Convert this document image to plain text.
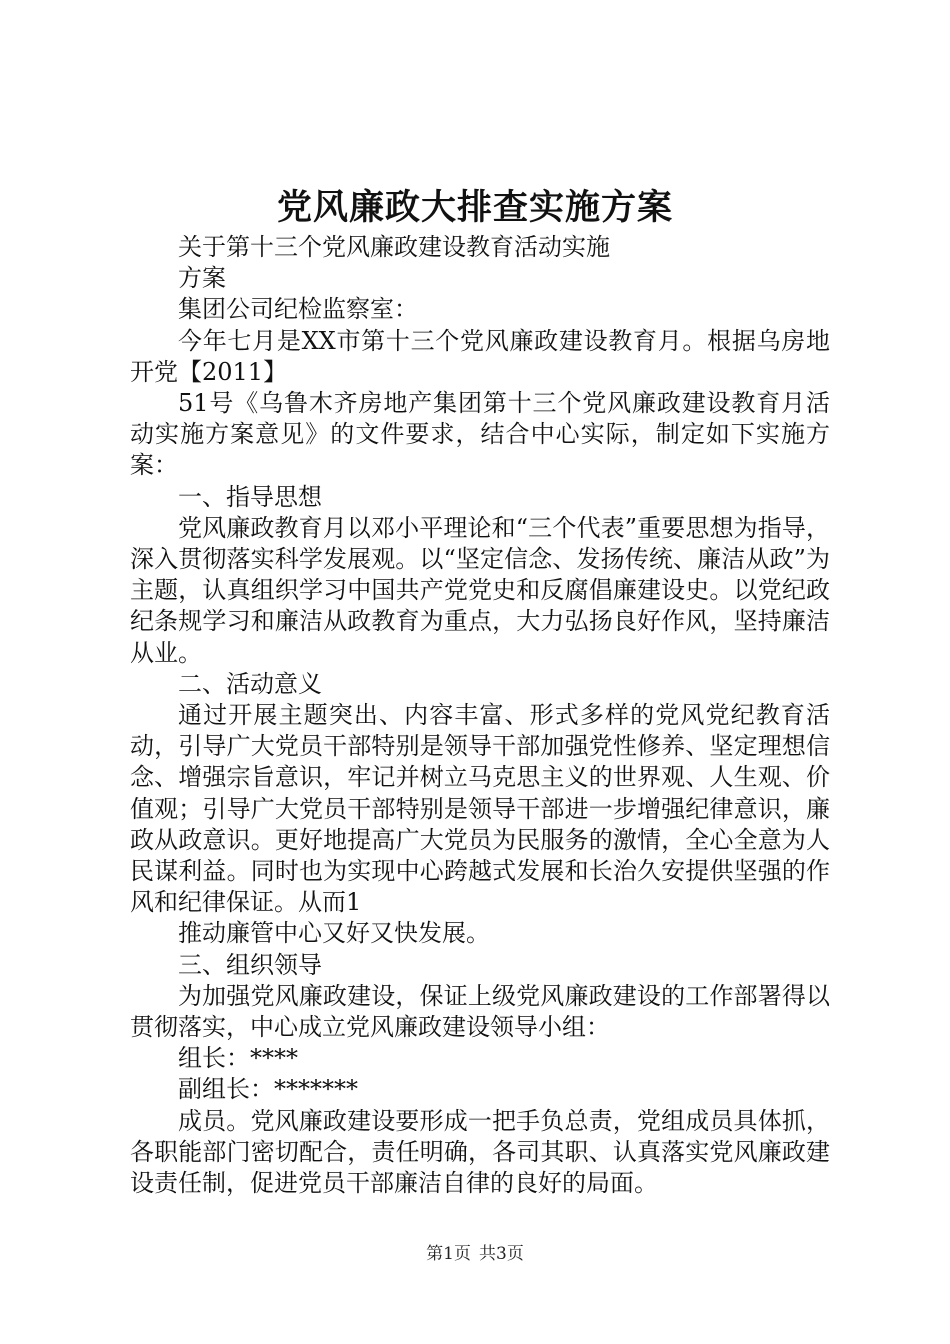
党风廉政大排查实施方案

关于第十三个党风廉政建设教育活动实施

方案

集团公司纪检监察室：

今年七月是XX市第十三个党风廉政建设教育月。根据乌房地开党【2011】

51号《乌鲁木齐房地产集团第十三个党风廉政建设教育月活动实施方案意见》的文件要求，结合中心实际，制定如下实施方案：

一、指导思想

党风廉政教育月以邓小平理论和“三个代表”重要思想为指导，深入贯彻落实科学发展观。以“坚定信念、发扬传统、廉洁从政”为主题，认真组织学习中国共产党党史和反腐倡廉建设史。以党纪政纪条规学习和廉洁从政教育为重点，大力弘扬良好作风，坚持廉洁从业。

二、活动意义

通过开展主题突出、内容丰富、形式多样的党风党纪教育活动，引导广大党员干部特别是领导干部加强党性修养、坚定理想信念、增强宗旨意识，牢记并树立马克思主义的世界观、人生观、价值观；引导广大党员干部特别是领导干部进一步增强纪律意识，廉政从政意识。更好地提高广大党员为民服务的激情，全心全意为人民谋利益。同时也为实现中心跨越式发展和长治久安提供坚强的作风和纪律保证。从而1

推动廉管中心又好又快发展。

三、组织领导

为加强党风廉政建设，保证上级党风廉政建设的工作部署得以贯彻落实，中心成立党风廉政建设领导小组：

组长：****

副组长：*******

成员。党风廉政建设要形成一把手负总责，党组成员具体抓，各职能部门密切配合，责任明确，各司其职、认真落实党风廉政建设责任制，促进党员干部廉洁自律的良好的局面。

第1页 共3页
